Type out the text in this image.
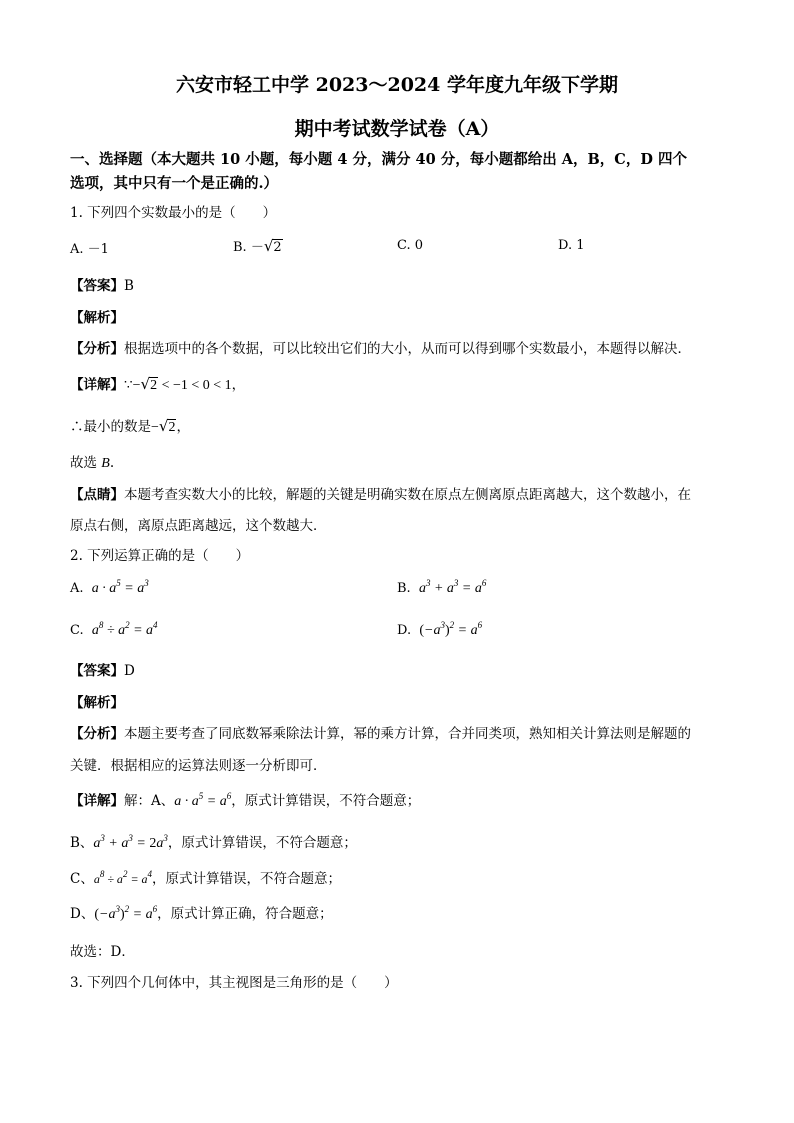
六安市轻工中学 2023～2024 学年度九年级下学期
期中考试数学试卷（A）
一、选择题（本大题共 10 小题，每小题 4 分，满分 40 分，每小题都给出 A，B，C，D 四个
选项，其中只有一个是正确的.）
1. 下列四个实数最小的是（　　）
A. －1	B. －√2	C. 0	D. 1
【答案】B
【解析】
【分析】根据选项中的各个数据，可以比较出它们的大小，从而可以得到哪个实数最小，本题得以解决．
【详解】∵−√2 < −1 < 0 < 1，
∴最小的数是−√2，
故选 B.
【点睛】本题考查实数大小的比较，解题的关键是明确实数在原点左侧离原点距离越大，这个数越小，在
原点右侧，离原点距离越远，这个数越大．
2. 下列运算正确的是（　　）
A. $a \cdot a^5 = a^3$	B. $a^3 + a^3 = a^6$
C. $a^8 \div a^2 = a^4$	D. $(-a^3)^2 = a^6$
【答案】D
【解析】
【分析】本题主要考查了同底数幂乘除法计算，幂的乘方计算，合并同类项，熟知相关计算法则是解题的
关键．根据相应的运算法则逐一分析即可．
【详解】解：A、$a \cdot a^5 = a^6$，原式计算错误，不符合题意；
B、$a^3 + a^3 = 2a^3$，原式计算错误，不符合题意；
C、$a^8 \div a^2 = a^4$，原式计算错误，不符合题意；
D、$(-a^3)^2 = a^6$，原式计算正确，符合题意；
故选：D．
3. 下列四个几何体中，其主视图是三角形的是（　　）
